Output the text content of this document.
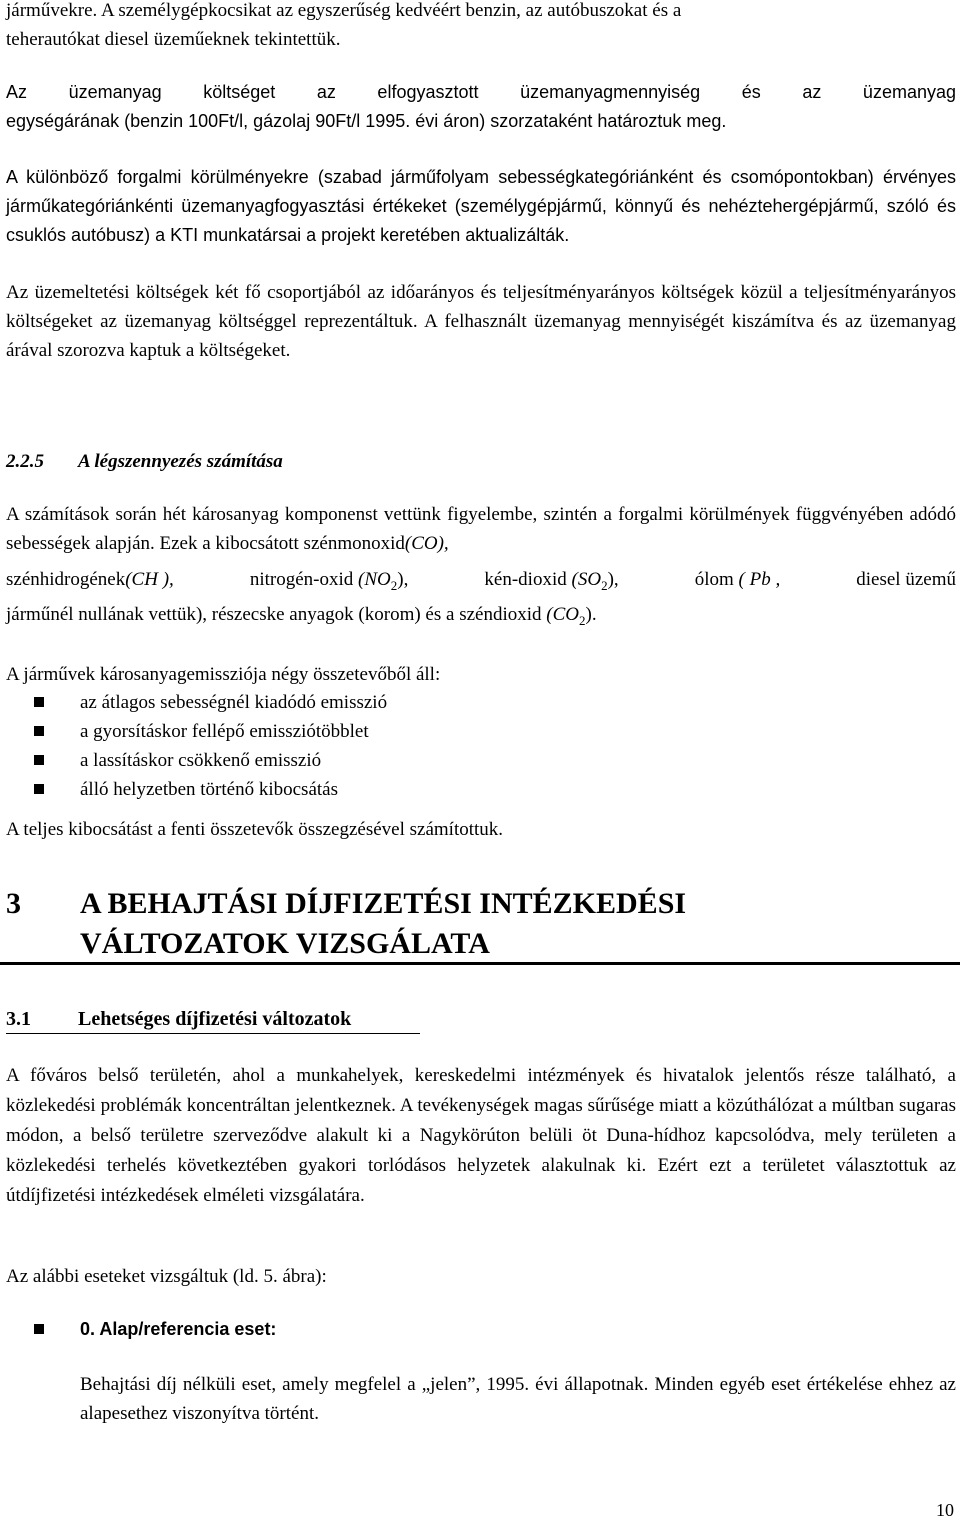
járművekre. A személygépkocsikat az egyszerűség kedvéért benzin, az autóbuszokat és a
teherautókat diesel üzeműeknek tekintettük.

Az üzemanyag költséget az elfogyasztott üzemanyagmennyiség és az üzemanyag
egységárának (benzin 100Ft/l, gázolaj 90Ft/l 1995. évi áron) szorzataként határoztuk meg.

A különböző forgalmi körülményekre (szabad járműfolyam sebességkategóriánként és csomópontokban) érvényes járműkategóriánkénti üzemanyagfogyasztási értékeket (személygépjármű, könnyű és nehéztehergépjármű, szóló és csuklós autóbusz) a KTI munkatársai a projekt keretében aktualizálták.

Az üzemeltetési költségek két fő csoportjából az időarányos és teljesítményarányos költségek közül a teljesítményarányos költségeket az üzemanyag költséggel reprezentáltuk. A felhasznált üzemanyag mennyiségét kiszámítva és az üzemanyag árával szorozva kaptuk a költségeket.

2.2.5 A légszennyezés számítása

A számítások során hét károsanyag komponenst vettünk figyelembe, szintén a forgalmi körülmények függvényében adódó sebességek alapján. Ezek a kibocsátott szénmonoxid(CO),

szénhidrogének(CH ),	nitrogén-oxid $(NO_2)$,	kén-dioxid $(SO_2)$,	ólom ( Pb ,	diesel üzemű
járműnél nullának vettük), részecske anyagok (korom) és a széndioxid $(CO_2)$.

A járművek károsanyagemissziója négy összetevőből áll:

az átlagos sebességnél kiadódó emisszió
a gyorsításkor fellépő emissziótöbblet
a lassításkor csökkenő emisszió
álló helyzetben történő kibocsátás

A teljes kibocsátást a fenti összetevők összegzésével számítottuk.

3 A BEHAJTÁSI DÍJFIZETÉSI INTÉZKEDÉSI
VÁLTOZATOK VIZSGÁLATA
3.1 Lehetséges díjfizetési változatok

A főváros belső területén, ahol a munkahelyek, kereskedelmi intézmények és hivatalok jelentős része található, a közlekedési problémák koncentráltan jelentkeznek. A tevékenységek magas sűrűsége miatt a közúthálózat a múltban sugaras módon, a belső területre szerveződve alakult ki a Nagykörúton belüli öt Duna-hídhoz kapcsolódva, mely területen a közlekedési terhelés következtében gyakori torlódásos helyzetek alakulnak ki. Ezért ezt a területet választottuk az útdíjfizetési intézkedések elméleti vizsgálatára.

Az alábbi eseteket vizsgáltuk (ld. 5. ábra):

0. Alap/referencia eset:

Behajtási díj nélküli eset, amely megfelel a „jelen”, 1995. évi állapotnak. Minden egyéb eset értékelése ehhez az alapesethez viszonyítva történt.

10
